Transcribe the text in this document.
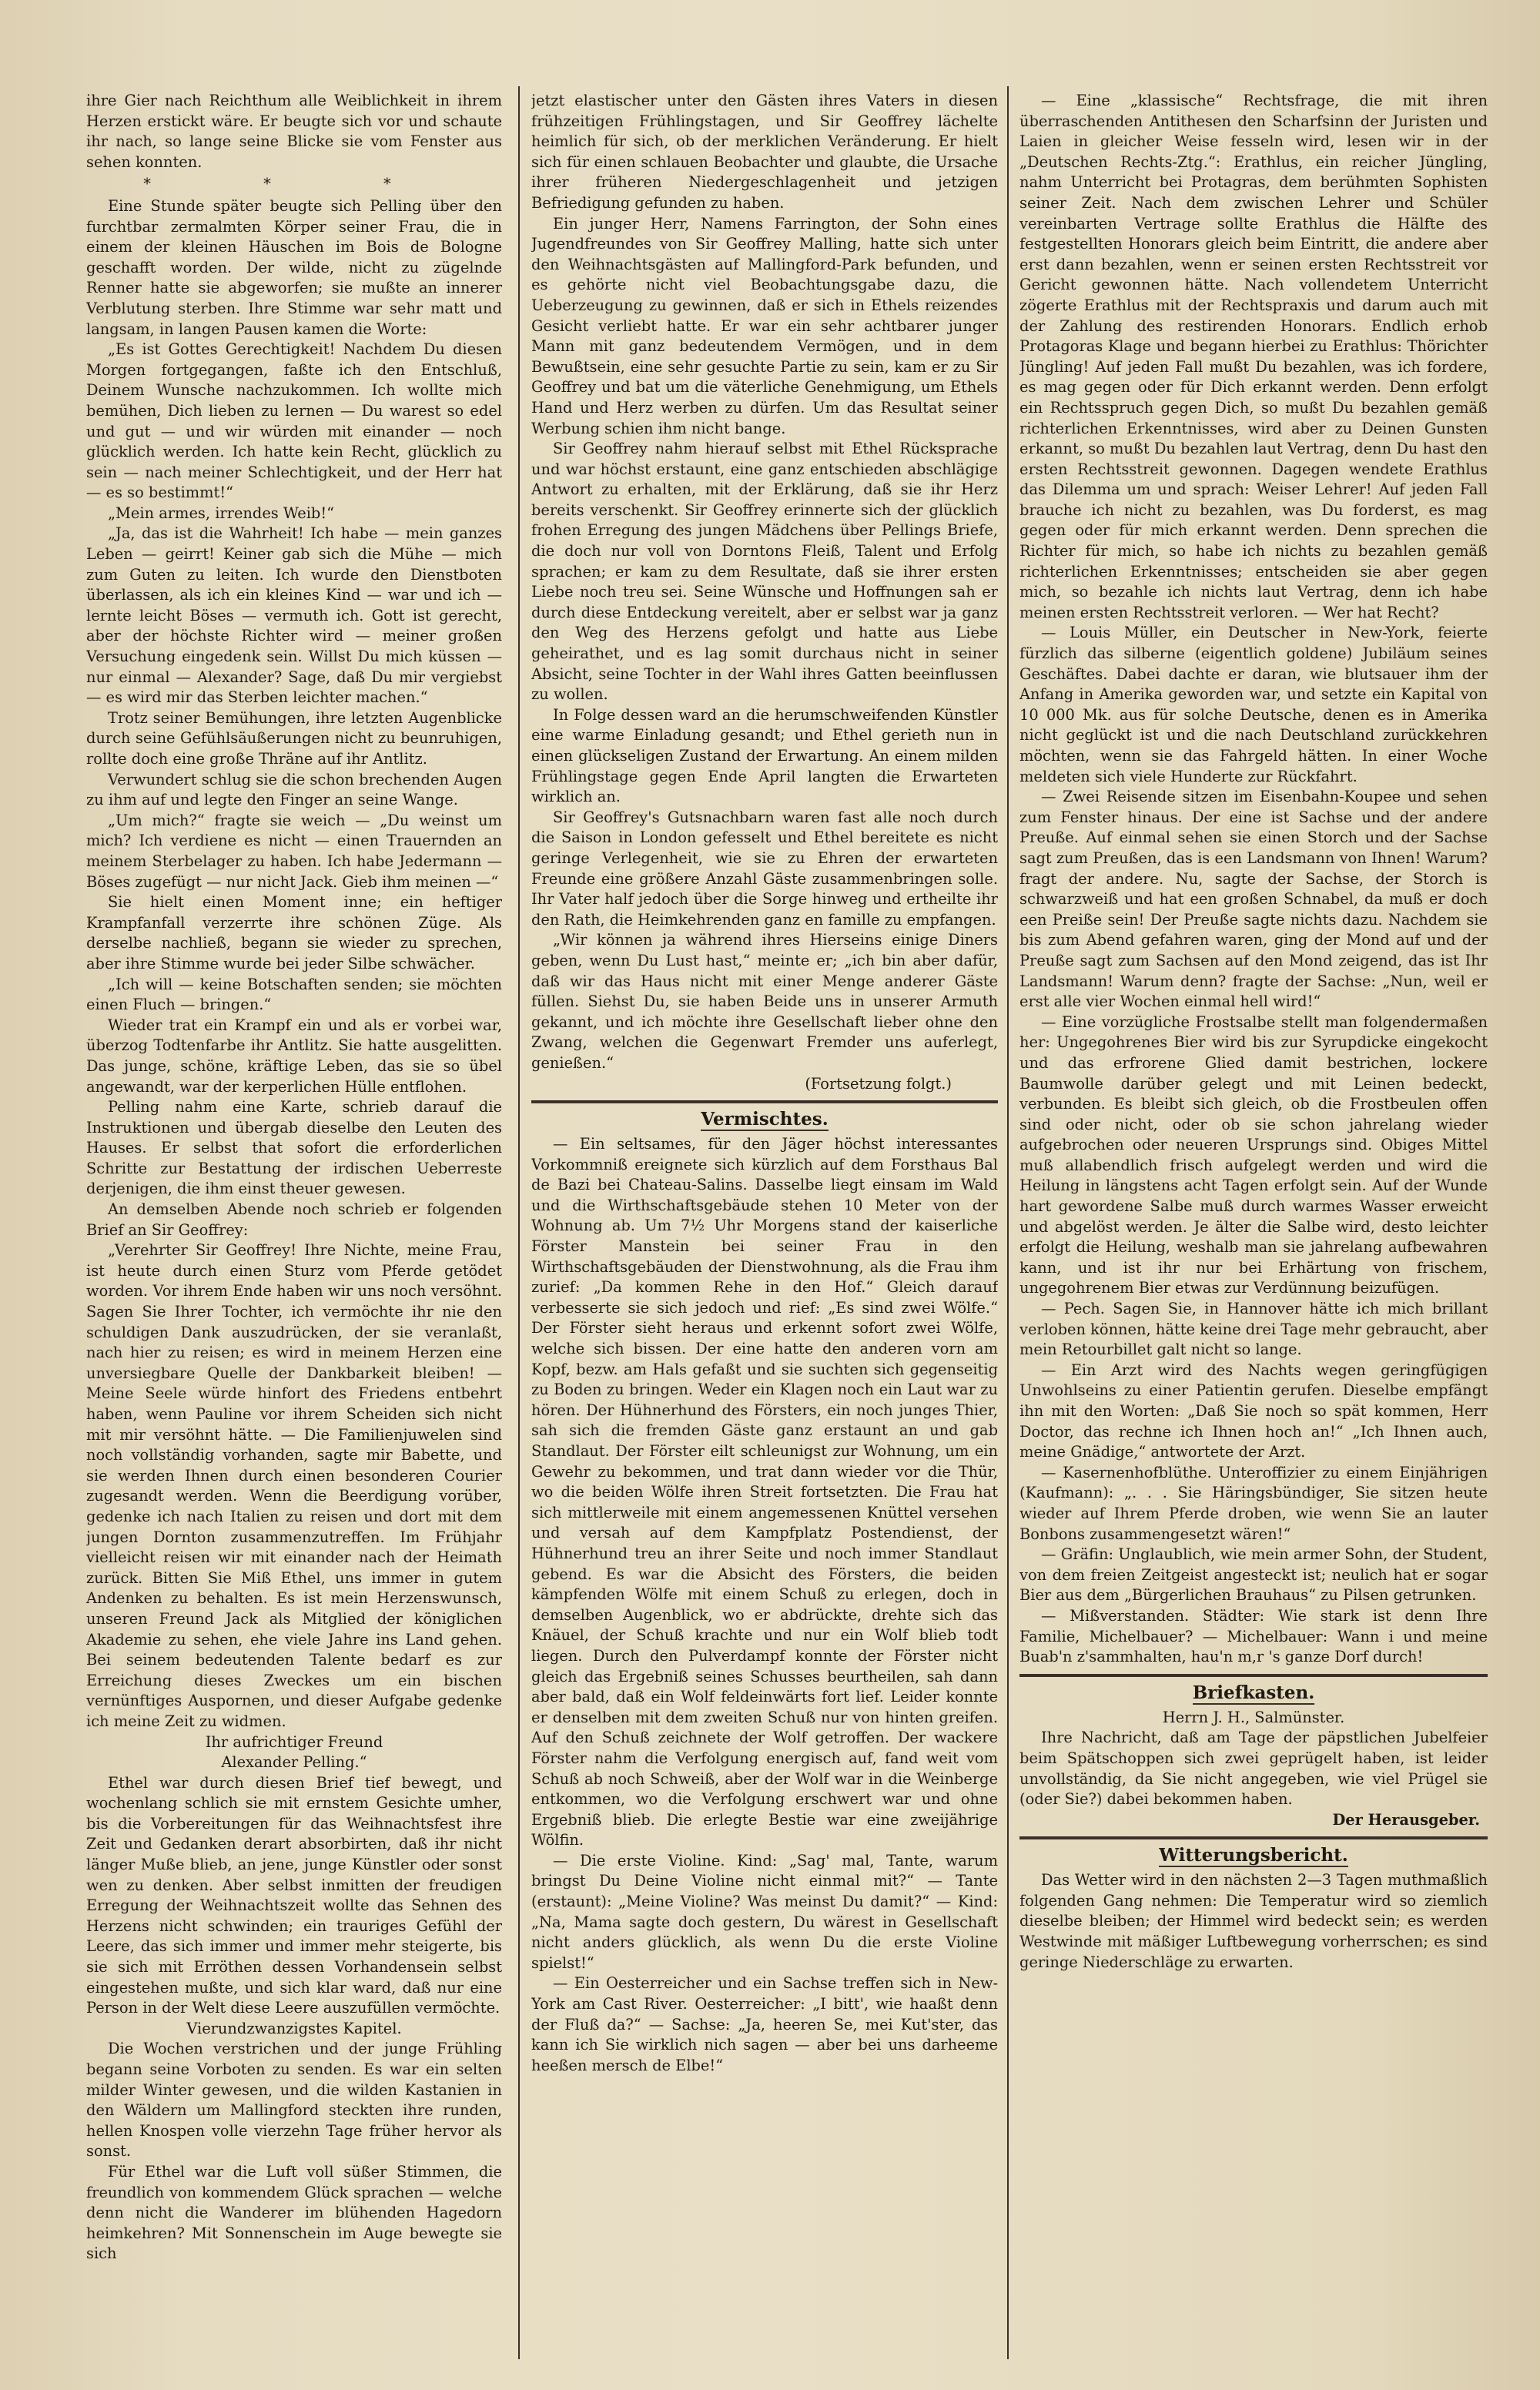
ihre Gier nach Reichthum alle Weiblichkeit in ihrem Herzen erstickt wäre. Er beugte sich vor und schaute ihr nach, so lange seine Blicke sie vom Fenster aus sehen konnten.

* * *

Eine Stunde später beugte sich Pelling über den furchtbar zermalmten Körper seiner Frau, die in einem der kleinen Häuschen im Bois de Bologne geschafft worden. Der wilde, nicht zu zügelnde Renner hatte sie abgeworfen; sie mußte an innerer Verblutung sterben. Ihre Stimme war sehr matt und langsam, in langen Pausen kamen die Worte:

„Es ist Gottes Gerechtigkeit! Nachdem Du diesen Morgen fortgegangen, faßte ich den Entschluß, Deinem Wunsche nachzukommen. Ich wollte mich bemühen, Dich lieben zu lernen — Du warest so edel und gut — und wir würden mit einander — noch glücklich werden. Ich hatte kein Recht, glücklich zu sein — nach meiner Schlechtigkeit, und der Herr hat — es so bestimmt!“

„Mein armes, irrendes Weib!“

„Ja, das ist die Wahrheit! Ich habe — mein ganzes Leben — geirrt! Keiner gab sich die Mühe — mich zum Guten zu leiten. Ich wurde den Dienstboten überlassen, als ich ein kleines Kind — war und ich — lernte leicht Böses — vermuth ich. Gott ist gerecht, aber der höchste Richter wird — meiner großen Versuchung eingedenk sein. Willst Du mich küssen — nur einmal — Alexander? Sage, daß Du mir vergiebst — es wird mir das Sterben leichter machen.“

Trotz seiner Bemühungen, ihre letzten Augenblicke durch seine Gefühlsäußerungen nicht zu beunruhigen, rollte doch eine große Thräne auf ihr Antlitz.

Verwundert schlug sie die schon brechenden Augen zu ihm auf und legte den Finger an seine Wange.

„Um mich?“ fragte sie weich — „Du weinst um mich? Ich verdiene es nicht — einen Trauernden an meinem Sterbelager zu haben. Ich habe Jedermann — Böses zugefügt — nur nicht Jack. Gieb ihm meinen —“

Sie hielt einen Moment inne; ein heftiger Krampfanfall verzerrte ihre schönen Züge. Als derselbe nachließ, begann sie wieder zu sprechen, aber ihre Stimme wurde bei jeder Silbe schwächer.

„Ich will — keine Botschaften senden; sie möchten einen Fluch — bringen.“

Wieder trat ein Krampf ein und als er vorbei war, überzog Todtenfarbe ihr Antlitz. Sie hatte ausgelitten. Das junge, schöne, kräftige Leben, das sie so übel angewandt, war der kerperlichen Hülle entflohen.

Pelling nahm eine Karte, schrieb darauf die Instruktionen und übergab dieselbe den Leuten des Hauses. Er selbst that sofort die erforderlichen Schritte zur Bestattung der irdischen Ueberreste derjenigen, die ihm einst theuer gewesen.

An demselben Abende noch schrieb er folgenden Brief an Sir Geoffrey:

„Verehrter Sir Geoffrey! Ihre Nichte, meine Frau, ist heute durch einen Sturz vom Pferde getödet worden. Vor ihrem Ende haben wir uns noch versöhnt. Sagen Sie Ihrer Tochter, ich vermöchte ihr nie den schuldigen Dank auszudrücken, der sie veranlaßt, nach hier zu reisen; es wird in meinem Herzen eine unversiegbare Quelle der Dankbarkeit bleiben! — Meine Seele würde hinfort des Friedens entbehrt haben, wenn Pauline vor ihrem Scheiden sich nicht mit mir versöhnt hätte. — Die Familienjuwelen sind noch vollständig vorhanden, sagte mir Babette, und sie werden Ihnen durch einen besonderen Courier zugesandt werden. Wenn die Beerdigung vorüber, gedenke ich nach Italien zu reisen und dort mit dem jungen Dornton zusammenzutreffen. Im Frühjahr vielleicht reisen wir mit einander nach der Heimath zurück. Bitten Sie Miß Ethel, uns immer in gutem Andenken zu behalten. Es ist mein Herzenswunsch, unseren Freund Jack als Mitglied der königlichen Akademie zu sehen, ehe viele Jahre ins Land gehen. Bei seinem bedeutenden Talente bedarf es zur Erreichung dieses Zweckes um ein bischen vernünftiges Auspornen, und dieser Aufgabe gedenke ich meine Zeit zu widmen.

Ihr aufrichtiger Freund

Alexander Pelling.“

Ethel war durch diesen Brief tief bewegt, und wochenlang schlich sie mit ernstem Gesichte umher, bis die Vorbereitungen für das Weihnachtsfest ihre Zeit und Gedanken derart absorbirten, daß ihr nicht länger Muße blieb, an jene, junge Künstler oder sonst wen zu denken. Aber selbst inmitten der freudigen Erregung der Weihnachtszeit wollte das Sehnen des Herzens nicht schwinden; ein trauriges Gefühl der Leere, das sich immer und immer mehr steigerte, bis sie sich mit Erröthen dessen Vorhandensein selbst eingestehen mußte, und sich klar ward, daß nur eine Person in der Welt diese Leere auszufüllen vermöchte.

Vierundzwanzigstes Kapitel.

Die Wochen verstrichen und der junge Frühling begann seine Vorboten zu senden. Es war ein selten milder Winter gewesen, und die wilden Kastanien in den Wäldern um Mallingford steckten ihre runden, hellen Knospen volle vierzehn Tage früher hervor als sonst.

Für Ethel war die Luft voll süßer Stimmen, die freundlich von kommendem Glück sprachen — welche denn nicht die Wanderer im blühenden Hagedorn heimkehren? Mit Sonnenschein im Auge bewegte sie sich

jetzt elastischer unter den Gästen ihres Vaters in diesen frühzeitigen Frühlingstagen, und Sir Geoffrey lächelte heimlich für sich, ob der merklichen Veränderung. Er hielt sich für einen schlauen Beobachter und glaubte, die Ursache ihrer früheren Niedergeschlagenheit und jetzigen Befriedigung gefunden zu haben.

Ein junger Herr, Namens Farrington, der Sohn eines Jugendfreundes von Sir Geoffrey Malling, hatte sich unter den Weihnachtsgästen auf Mallingford-Park befunden, und es gehörte nicht viel Beobachtungsgabe dazu, die Ueberzeugung zu gewinnen, daß er sich in Ethels reizendes Gesicht verliebt hatte. Er war ein sehr achtbarer junger Mann mit ganz bedeutendem Vermögen, und in dem Bewußtsein, eine sehr gesuchte Partie zu sein, kam er zu Sir Geoffrey und bat um die väterliche Genehmigung, um Ethels Hand und Herz werben zu dürfen. Um das Resultat seiner Werbung schien ihm nicht bange.

Sir Geoffrey nahm hierauf selbst mit Ethel Rücksprache und war höchst erstaunt, eine ganz entschieden abschlägige Antwort zu erhalten, mit der Erklärung, daß sie ihr Herz bereits verschenkt. Sir Geoffrey erinnerte sich der glücklich frohen Erregung des jungen Mädchens über Pellings Briefe, die doch nur voll von Dorntons Fleiß, Talent und Erfolg sprachen; er kam zu dem Resultate, daß sie ihrer ersten Liebe noch treu sei. Seine Wünsche und Hoffnungen sah er durch diese Entdeckung vereitelt, aber er selbst war ja ganz den Weg des Herzens gefolgt und hatte aus Liebe geheirathet, und es lag somit durchaus nicht in seiner Absicht, seine Tochter in der Wahl ihres Gatten beeinflussen zu wollen.

In Folge dessen ward an die herumschweifenden Künstler eine warme Einladung gesandt; und Ethel gerieth nun in einen glückseligen Zustand der Erwartung. An einem milden Frühlingstage gegen Ende April langten die Erwarteten wirklich an.

Sir Geoffrey's Gutsnachbarn waren fast alle noch durch die Saison in London gefesselt und Ethel bereitete es nicht geringe Verlegenheit, wie sie zu Ehren der erwarteten Freunde eine größere Anzahl Gäste zusammenbringen solle. Ihr Vater half jedoch über die Sorge hinweg und ertheilte ihr den Rath, die Heimkehrenden ganz en famille zu empfangen.

„Wir können ja während ihres Hierseins einige Diners geben, wenn Du Lust hast,“ meinte er; „ich bin aber dafür, daß wir das Haus nicht mit einer Menge anderer Gäste füllen. Siehst Du, sie haben Beide uns in unserer Armuth gekannt, und ich möchte ihre Gesellschaft lieber ohne den Zwang, welchen die Gegenwart Fremder uns auferlegt, genießen.“

(Fortsetzung folgt.)

Vermischtes.

— Ein seltsames, für den Jäger höchst interessantes Vorkommniß ereignete sich kürzlich auf dem Forsthaus Bal de Bazi bei Chateau-Salins. Dasselbe liegt einsam im Wald und die Wirthschaftsgebäude stehen 10 Meter von der Wohnung ab. Um 7½ Uhr Morgens stand der kaiserliche Förster Manstein bei seiner Frau in den Wirthschaftsgebäuden der Dienstwohnung, als die Frau ihm zurief: „Da kommen Rehe in den Hof.“ Gleich darauf verbesserte sie sich jedoch und rief: „Es sind zwei Wölfe.“ Der Förster sieht heraus und erkennt sofort zwei Wölfe, welche sich bissen. Der eine hatte den anderen vorn am Kopf, bezw. am Hals gefaßt und sie suchten sich gegenseitig zu Boden zu bringen. Weder ein Klagen noch ein Laut war zu hören. Der Hühnerhund des Försters, ein noch junges Thier, sah sich die fremden Gäste ganz erstaunt an und gab Standlaut. Der Förster eilt schleunigst zur Wohnung, um ein Gewehr zu bekommen, und trat dann wieder vor die Thür, wo die beiden Wölfe ihren Streit fortsetzten. Die Frau hat sich mittlerweile mit einem angemessenen Knüttel versehen und versah auf dem Kampfplatz Postendienst, der Hühnerhund treu an ihrer Seite und noch immer Standlaut gebend. Es war die Absicht des Försters, die beiden kämpfenden Wölfe mit einem Schuß zu erlegen, doch in demselben Augenblick, wo er abdrückte, drehte sich das Knäuel, der Schuß krachte und nur ein Wolf blieb todt liegen. Durch den Pulverdampf konnte der Förster nicht gleich das Ergebniß seines Schusses beurtheilen, sah dann aber bald, daß ein Wolf feldeinwärts fort lief. Leider konnte er denselben mit dem zweiten Schuß nur von hinten greifen. Auf den Schuß zeichnete der Wolf getroffen. Der wackere Förster nahm die Verfolgung energisch auf, fand weit vom Schuß ab noch Schweiß, aber der Wolf war in die Weinberge entkommen, wo die Verfolgung erschwert war und ohne Ergebniß blieb. Die erlegte Bestie war eine zweijährige Wölfin.

— Die erste Violine. Kind: „Sag' mal, Tante, warum bringst Du Deine Violine nicht einmal mit?“ — Tante (erstaunt): „Meine Violine? Was meinst Du damit?“ — Kind: „Na, Mama sagte doch gestern, Du wärest in Gesellschaft nicht anders glücklich, als wenn Du die erste Violine spielst!“

— Ein Oesterreicher und ein Sachse treffen sich in New-York am Cast River. Oesterreicher: „I bitt', wie haaßt denn der Fluß da?“ — Sachse: „Ja, heeren Se, mei Kut'ster, das kann ich Sie wirklich nich sagen — aber bei uns darheeme heeßen mersch de Elbe!“

— Eine „klassische“ Rechtsfrage, die mit ihren überraschenden Antithesen den Scharfsinn der Juristen und Laien in gleicher Weise fesseln wird, lesen wir in der „Deutschen Rechts-Ztg.“: Erathlus, ein reicher Jüngling, nahm Unterricht bei Protagras, dem berühmten Sophisten seiner Zeit. Nach dem zwischen Lehrer und Schüler vereinbarten Vertrage sollte Erathlus die Hälfte des festgestellten Honorars gleich beim Eintritt, die andere aber erst dann bezahlen, wenn er seinen ersten Rechtsstreit vor Gericht gewonnen hätte. Nach vollendetem Unterricht zögerte Erathlus mit der Rechtspraxis und darum auch mit der Zahlung des restirenden Honorars. Endlich erhob Protagoras Klage und begann hierbei zu Erathlus: Thörichter Jüngling! Auf jeden Fall mußt Du bezahlen, was ich fordere, es mag gegen oder für Dich erkannt werden. Denn erfolgt ein Rechtsspruch gegen Dich, so mußt Du bezahlen gemäß richterlichen Erkenntnisses, wird aber zu Deinen Gunsten erkannt, so mußt Du bezahlen laut Vertrag, denn Du hast den ersten Rechtsstreit gewonnen. Dagegen wendete Erathlus das Dilemma um und sprach: Weiser Lehrer! Auf jeden Fall brauche ich nicht zu bezahlen, was Du forderst, es mag gegen oder für mich erkannt werden. Denn sprechen die Richter für mich, so habe ich nichts zu bezahlen gemäß richterlichen Erkenntnisses; entscheiden sie aber gegen mich, so bezahle ich nichts laut Vertrag, denn ich habe meinen ersten Rechtsstreit verloren. — Wer hat Recht?

— Louis Müller, ein Deutscher in New-York, feierte fürzlich das silberne (eigentlich goldene) Jubiläum seines Geschäftes. Dabei dachte er daran, wie blutsauer ihm der Anfang in Amerika geworden war, und setzte ein Kapital von 10 000 Mk. aus für solche Deutsche, denen es in Amerika nicht geglückt ist und die nach Deutschland zurückkehren möchten, wenn sie das Fahrgeld hätten. In einer Woche meldeten sich viele Hunderte zur Rückfahrt.

— Zwei Reisende sitzen im Eisenbahn-Koupee und sehen zum Fenster hinaus. Der eine ist Sachse und der andere Preuße. Auf einmal sehen sie einen Storch und der Sachse sagt zum Preußen, das is een Landsmann von Ihnen! Warum? fragt der andere. Nu, sagte der Sachse, der Storch is schwarzweiß und hat een großen Schnabel, da muß er doch een Preiße sein! Der Preuße sagte nichts dazu. Nachdem sie bis zum Abend gefahren waren, ging der Mond auf und der Preuße sagt zum Sachsen auf den Mond zeigend, das ist Ihr Landsmann! Warum denn? fragte der Sachse: „Nun, weil er erst alle vier Wochen einmal hell wird!“

— Eine vorzügliche Frostsalbe stellt man folgendermaßen her: Ungegohrenes Bier wird bis zur Syrupdicke eingekocht und das erfrorene Glied damit bestrichen, lockere Baumwolle darüber gelegt und mit Leinen bedeckt, verbunden. Es bleibt sich gleich, ob die Frostbeulen offen sind oder nicht, oder ob sie schon jahrelang wieder aufgebrochen oder neueren Ursprungs sind. Obiges Mittel muß allabendlich frisch aufgelegt werden und wird die Heilung in längstens acht Tagen erfolgt sein. Auf der Wunde hart gewordene Salbe muß durch warmes Wasser erweicht und abgelöst werden. Je älter die Salbe wird, desto leichter erfolgt die Heilung, weshalb man sie jahrelang aufbewahren kann, und ist ihr nur bei Erhärtung von frischem, ungegohrenem Bier etwas zur Verdünnung beizufügen.

— Pech. Sagen Sie, in Hannover hätte ich mich brillant verloben können, hätte keine drei Tage mehr gebraucht, aber mein Retourbillet galt nicht so lange.

— Ein Arzt wird des Nachts wegen geringfügigen Unwohlseins zu einer Patientin gerufen. Dieselbe empfängt ihn mit den Worten: „Daß Sie noch so spät kommen, Herr Doctor, das rechne ich Ihnen hoch an!“ „Ich Ihnen auch, meine Gnädige,“ antwortete der Arzt.

— Kasernenhofblüthe. Unteroffizier zu einem Einjährigen (Kaufmann): „. . . Sie Häringsbündiger, Sie sitzen heute wieder auf Ihrem Pferde droben, wie wenn Sie an lauter Bonbons zusammengesetzt wären!“

— Gräfin: Unglaublich, wie mein armer Sohn, der Student, von dem freien Zeitgeist angesteckt ist; neulich hat er sogar Bier aus dem „Bürgerlichen Brauhaus“ zu Pilsen getrunken.

— Mißverstanden. Städter: Wie stark ist denn Ihre Familie, Michelbauer? — Michelbauer: Wann i und meine Buab'n z'sammhalten, hau'n m,r 's ganze Dorf durch!

Briefkasten.

Herrn J. H., Salmünster.

Ihre Nachricht, daß am Tage der päpstlichen Jubelfeier beim Spätschoppen sich zwei geprügelt haben, ist leider unvollständig, da Sie nicht angegeben, wie viel Prügel sie (oder Sie?) dabei bekommen haben.

Der Herausgeber.

Witterungsbericht.

Das Wetter wird in den nächsten 2—3 Tagen muthmaßlich folgenden Gang nehmen: Die Temperatur wird so ziemlich dieselbe bleiben; der Himmel wird bedeckt sein; es werden Westwinde mit mäßiger Luftbewegung vorherrschen; es sind geringe Niederschläge zu erwarten.
